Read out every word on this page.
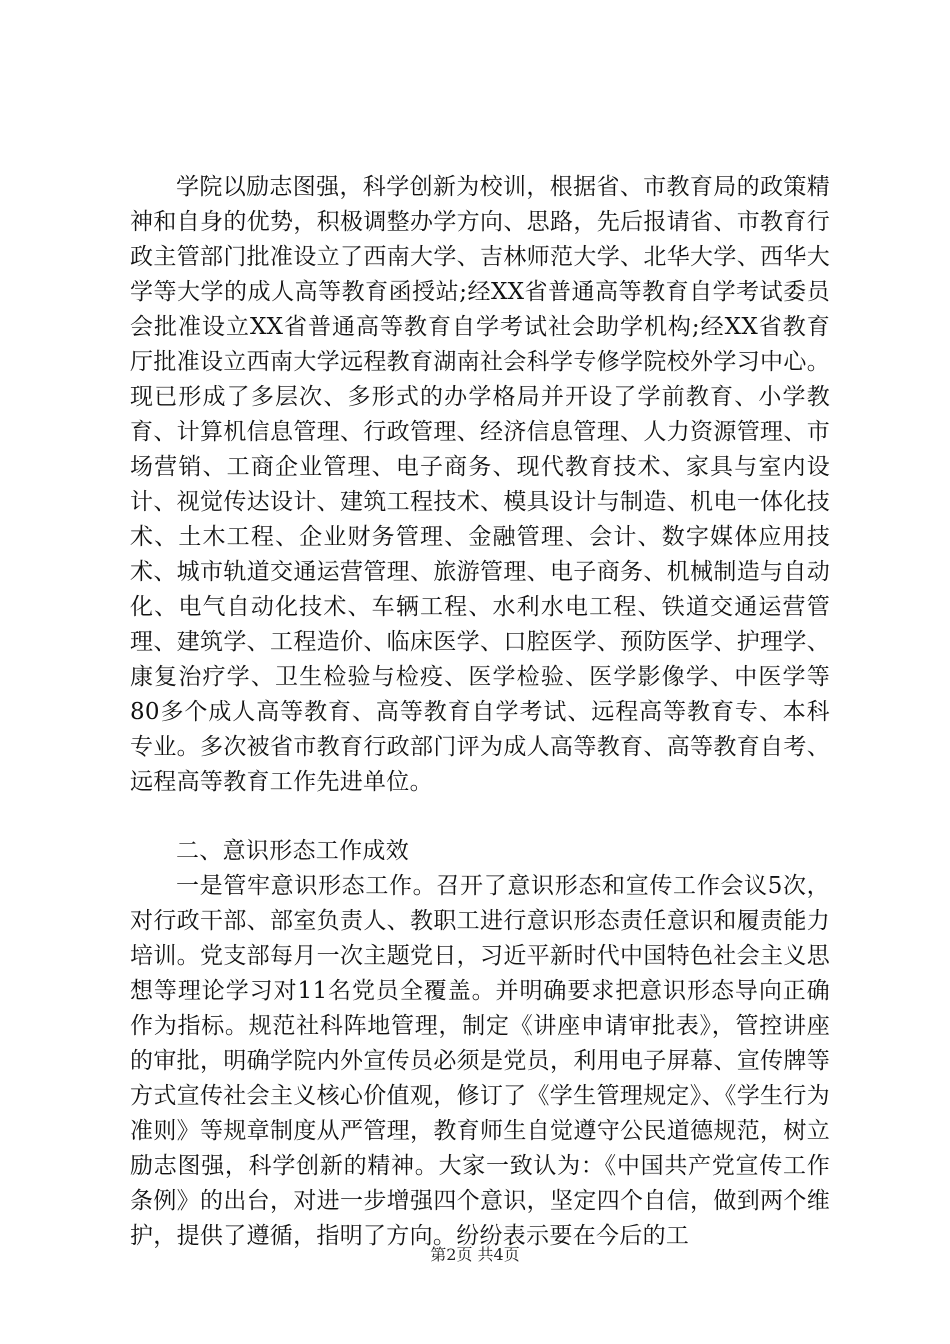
学院以励志图强，科学创新为校训，根据省、市教育局的政策精神和自身的优势，积极调整办学方向、思路，先后报请省、市教育行政主管部门批准设立了西南大学、吉林师范大学、北华大学、西华大学等大学的成人高等教育函授站;经XX省普通高等教育自学考试委员会批准设立XX省普通高等教育自学考试社会助学机构;经XX省教育厅批准设立西南大学远程教育湖南社会科学专修学院校外学习中心。现已形成了多层次、多形式的办学格局并开设了学前教育、小学教育、计算机信息管理、行政管理、经济信息管理、人力资源管理、市场营销、工商企业管理、电子商务、现代教育技术、家具与室内设计、视觉传达设计、建筑工程技术、模具设计与制造、机电一体化技术、土木工程、企业财务管理、金融管理、会计、数字媒体应用技术、城市轨道交通运营管理、旅游管理、电子商务、机械制造与自动化、电气自动化技术、车辆工程、水利水电工程、铁道交通运营管理、建筑学、工程造价、临床医学、口腔医学、预防医学、护理学、康复治疗学、卫生检验与检疫、医学检验、医学影像学、中医学等80多个成人高等教育、高等教育自学考试、远程高等教育专、本科专业。多次被省市教育行政部门评为成人高等教育、高等教育自考、远程高等教育工作先进单位。

二、意识形态工作成效

一是管牢意识形态工作。召开了意识形态和宣传工作会议5次，对行政干部、部室负责人、教职工进行意识形态责任意识和履责能力培训。党支部每月一次主题党日，习近平新时代中国特色社会主义思想等理论学习对11名党员全覆盖。并明确要求把意识形态导向正确作为指标。规范社科阵地管理，制定《讲座申请审批表》，管控讲座的审批，明确学院内外宣传员必须是党员，利用电子屏幕、宣传牌等方式宣传社会主义核心价值观，修订了《学生管理规定》、《学生行为准则》等规章制度从严管理，教育师生自觉遵守公民道德规范，树立励志图强，科学创新的精神。大家一致认为：《中国共产党宣传工作条例》的出台，对进一步增强四个意识，坚定四个自信，做到两个维护，提供了遵循，指明了方向。纷纷表示要在今后的工

第2页 共4页
